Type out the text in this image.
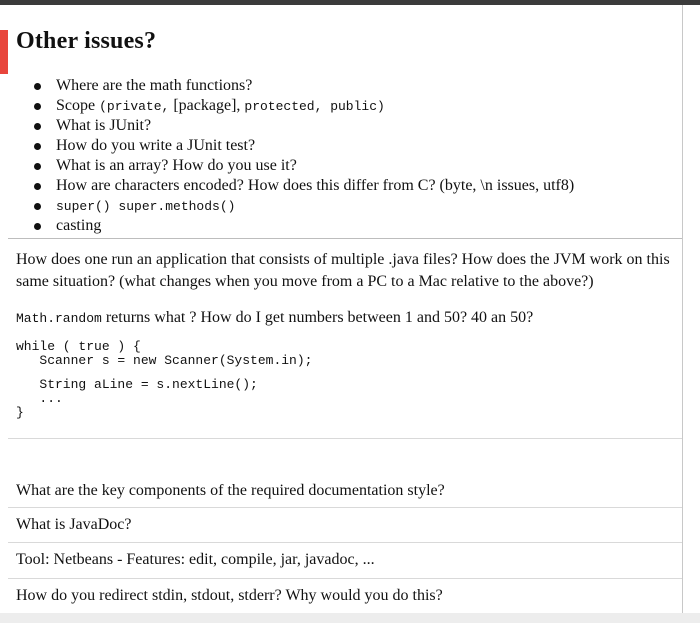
Other issues?
Where are the math functions?
Scope (private, [package], protected, public)
What is JUnit?
How do you write a JUnit test?
What is an array? How do you use it?
How are characters encoded? How does this differ from C? (byte, \n issues, utf8)
super() super.methods()
casting

How does one run an application that consists of multiple .java files? How does the JVM work on this same situation? (what changes when you move from a PC to a Mac relative to the above?)

Math.random returns what ? How do I get numbers between 1 and 50? 40 an 50?

while ( true ) {
Scanner s = new Scanner(System.in);
String aLine = s.nextLine();
...
}

What are the key components of the required documentation style?

What is JavaDoc?

Tool: Netbeans - Features: edit, compile, jar, javadoc, ...

How do you redirect stdin, stdout, stderr? Why would you do this?
